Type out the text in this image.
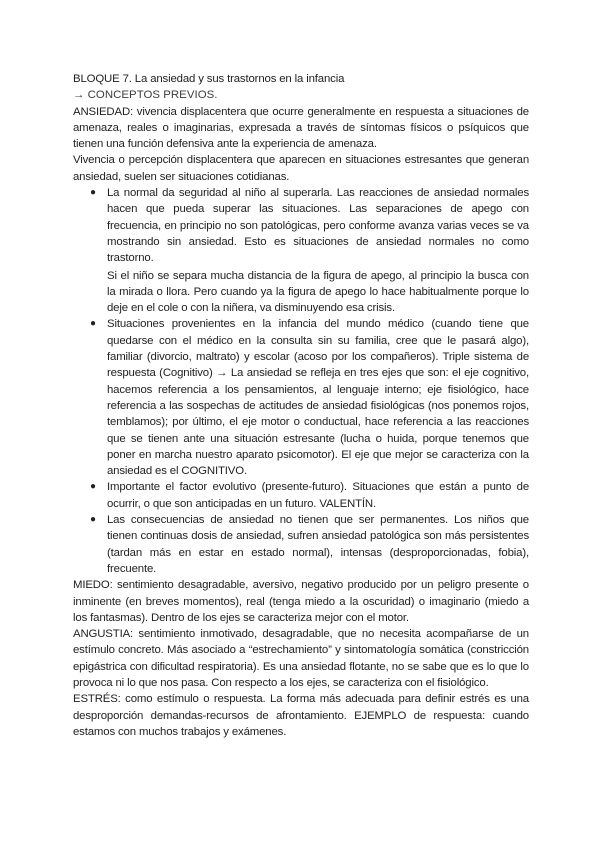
BLOQUE 7. La ansiedad y sus trastornos en la infancia

→ CONCEPTOS PREVIOS.

ANSIEDAD: vivencia displacentera que ocurre generalmente en respuesta a situaciones de amenaza, reales o imaginarias, expresada a través de síntomas físicos o psíquicos que tienen una función defensiva ante la experiencia de amenaza.

Vivencia o percepción displacentera que aparecen en situaciones estresantes que generan ansiedad, suelen ser situaciones cotidianas.

● La normal da seguridad al niño al superarla. Las reacciones de ansiedad normales hacen que pueda superar las situaciones. Las separaciones de apego con frecuencia, en principio no son patológicas, pero conforme avanza varias veces se va mostrando sin ansiedad. Esto es situaciones de ansiedad normales no como trastorno.

Si el niño se separa mucha distancia de la figura de apego, al principio la busca con la mirada o llora. Pero cuando ya la figura de apego lo hace habitualmente porque lo deje en el cole o con la niñera, va disminuyendo esa crisis.

● Situaciones provenientes en la infancia del mundo médico (cuando tiene que quedarse con el médico en la consulta sin su familia, cree que le pasará algo), familiar (divorcio, maltrato) y escolar (acoso por los compañeros). Triple sistema de respuesta (Cognitivo) → La ansiedad se refleja en tres ejes que son: el eje cognitivo, hacemos referencia a los pensamientos, al lenguaje interno; eje fisiológico, hace referencia a las sospechas de actitudes de ansiedad fisiológicas (nos ponemos rojos, temblamos); por último, el eje motor o conductual, hace referencia a las reacciones que se tienen ante una situación estresante (lucha o huida, porque tenemos que poner en marcha nuestro aparato psicomotor). El eje que mejor se caracteriza con la ansiedad es el COGNITIVO.

● Importante el factor evolutivo (presente-futuro). Situaciones que están a punto de ocurrir, o que son anticipadas en un futuro. VALENTÍN.

● Las consecuencias de ansiedad no tienen que ser permanentes. Los niños que tienen continuas dosis de ansiedad, sufren ansiedad patológica son más persistentes (tardan más en estar en estado normal), intensas (desproporcionadas, fobia), frecuente.

MIEDO: sentimiento desagradable, aversivo, negativo producido por un peligro presente o inminente (en breves momentos), real (tenga miedo a la oscuridad) o imaginario (miedo a los fantasmas). Dentro de los ejes se caracteriza mejor con el motor.

ANGUSTIA: sentimiento inmotivado, desagradable, que no necesita acompañarse de un estímulo concreto. Más asociado a “estrechamiento” y sintomatología somática (constricción epigástrica con dificultad respiratoria). Es una ansiedad flotante, no se sabe que es lo que lo provoca ni lo que nos pasa. Con respecto a los ejes, se caracteriza con el fisiológico.

ESTRÉS: como estímulo o respuesta. La forma más adecuada para definir estrés es una desproporción demandas-recursos de afrontamiento. EJEMPLO de respuesta: cuando estamos con muchos trabajos y exámenes.
